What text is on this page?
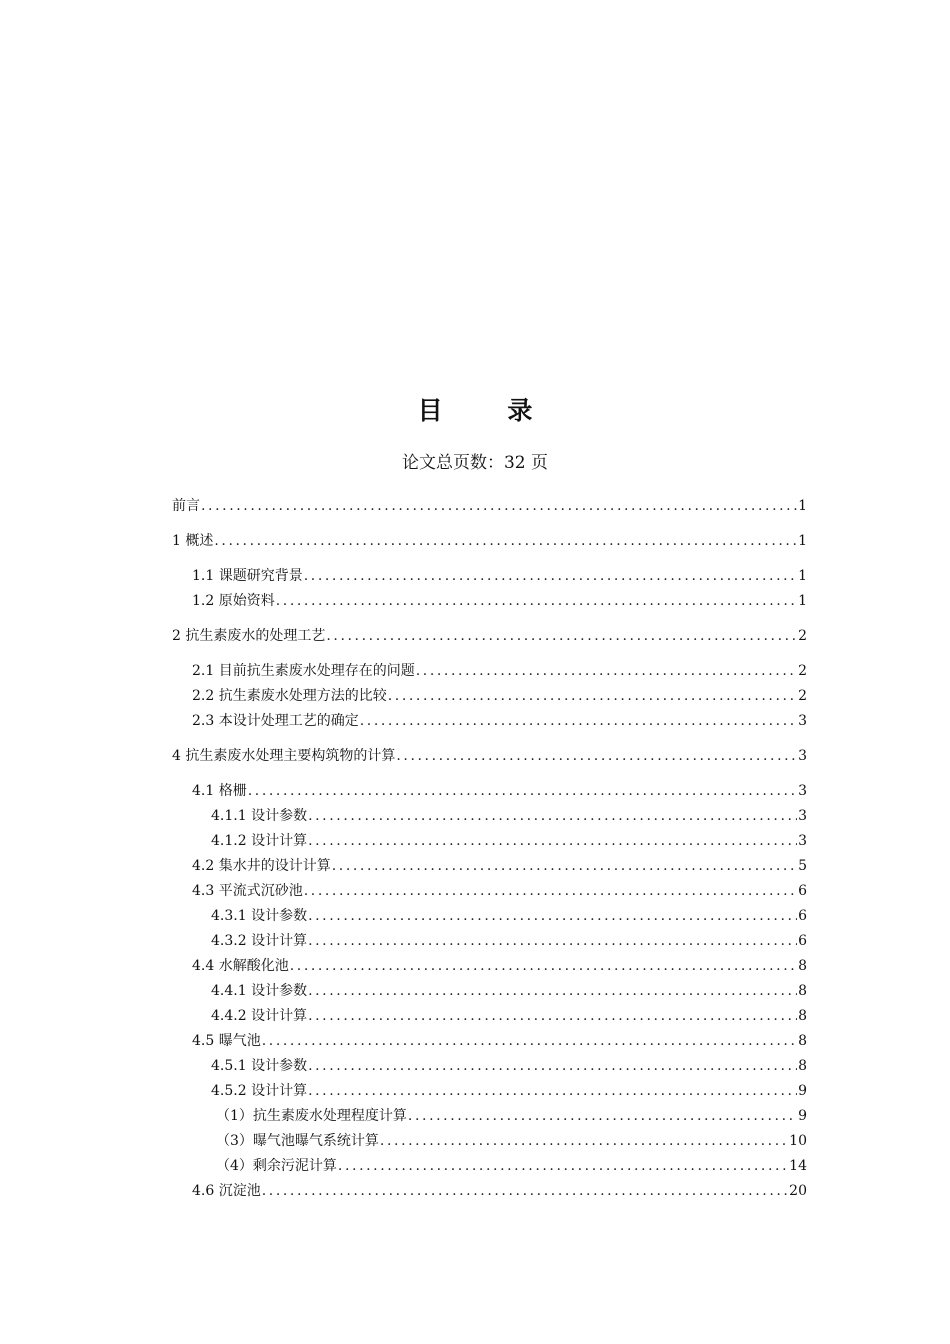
目 录
论文总页数：32 页
前言 .....	1
1 概述 .....	1
1.1 课题研究背景 .....	1
1.2 原始资料 .....	1
2 抗生素废水的处理工艺 .....	2
2.1 目前抗生素废水处理存在的问题 .....	2
2.2 抗生素废水处理方法的比较 .....	2
2.3 本设计处理工艺的确定 .....	3
4 抗生素废水处理主要构筑物的计算 .....	3
4.1 格栅 .....	3
4.1.1 设计参数 .....	3
4.1.2 设计计算 .....	3
4.2 集水井的设计计算 .....	5
4.3 平流式沉砂池 .....	6
4.3.1 设计参数 .....	6
4.3.2 设计计算 .....	6
4.4 水解酸化池 .....	8
4.4.1 设计参数 .....	8
4.4.2 设计计算 .....	8
4.5 曝气池 .....	8
4.5.1 设计参数 .....	8
4.5.2 设计计算 .....	9
（1）抗生素废水处理程度计算 .....	9
（3）曝气池曝气系统计算 .....	10
（4）剩余污泥计算 .....	14
4.6 沉淀池 .....	20
